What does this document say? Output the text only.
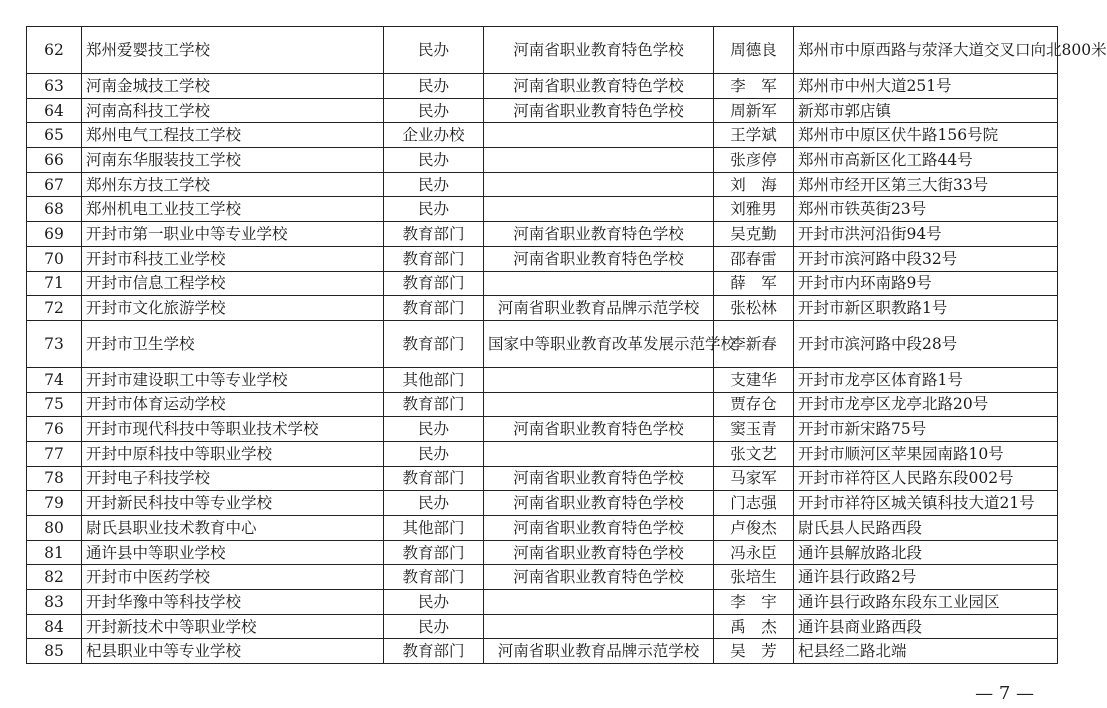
62	郑州爱婴技工学校	民办	河南省职业教育特色学校	周德良	郑州市中原西路与荥泽大道交叉口向北800米
63	河南金城技工学校	民办	河南省职业教育特色学校	李　军	郑州市中州大道251号
64	河南高科技工学校	民办	河南省职业教育特色学校	周新军	新郑市郭店镇
65	郑州电气工程技工学校	企业办校		王学斌	郑州市中原区伏牛路156号院
66	河南东华服装技工学校	民办		张彦停	郑州市高新区化工路44号
67	郑州东方技工学校	民办		刘　海	郑州市经开区第三大街33号
68	郑州机电工业技工学校	民办		刘雅男	郑州市铁英街23号
69	开封市第一职业中等专业学校	教育部门	河南省职业教育特色学校	吴克勤	开封市洪河沿街94号
70	开封市科技工业学校	教育部门	河南省职业教育特色学校	邵春雷	开封市滨河路中段32号
71	开封市信息工程学校	教育部门		薛　军	开封市内环南路9号
72	开封市文化旅游学校	教育部门	河南省职业教育品牌示范学校	张松林	开封市新区职教路1号
73	开封市卫生学校	教育部门	国家中等职业教育改革发展示范学校	李新春	开封市滨河路中段28号
74	开封市建设职工中等专业学校	其他部门		支建华	开封市龙亭区体育路1号
75	开封市体育运动学校	教育部门		贾存仓	开封市龙亭区龙亭北路20号
76	开封市现代科技中等职业技术学校	民办	河南省职业教育特色学校	窦玉青	开封市新宋路75号
77	开封中原科技中等职业学校	民办		张文艺	开封市顺河区苹果园南路10号
78	开封电子科技学校	教育部门	河南省职业教育特色学校	马家军	开封市祥符区人民路东段002号
79	开封新民科技中等专业学校	民办	河南省职业教育特色学校	门志强	开封市祥符区城关镇科技大道21号
80	尉氏县职业技术教育中心	其他部门	河南省职业教育特色学校	卢俊杰	尉氏县人民路西段
81	通许县中等职业学校	教育部门	河南省职业教育特色学校	冯永臣	通许县解放路北段
82	开封市中医药学校	教育部门	河南省职业教育特色学校	张培生	通许县行政路2号
83	开封华豫中等科技学校	民办		李　宇	通许县行政路东段东工业园区
84	开封新技术中等职业学校	民办		禹　杰	通许县商业路西段
85	杞县职业中等专业学校	教育部门	河南省职业教育品牌示范学校	吴　芳	杞县经二路北端
— 7 —
